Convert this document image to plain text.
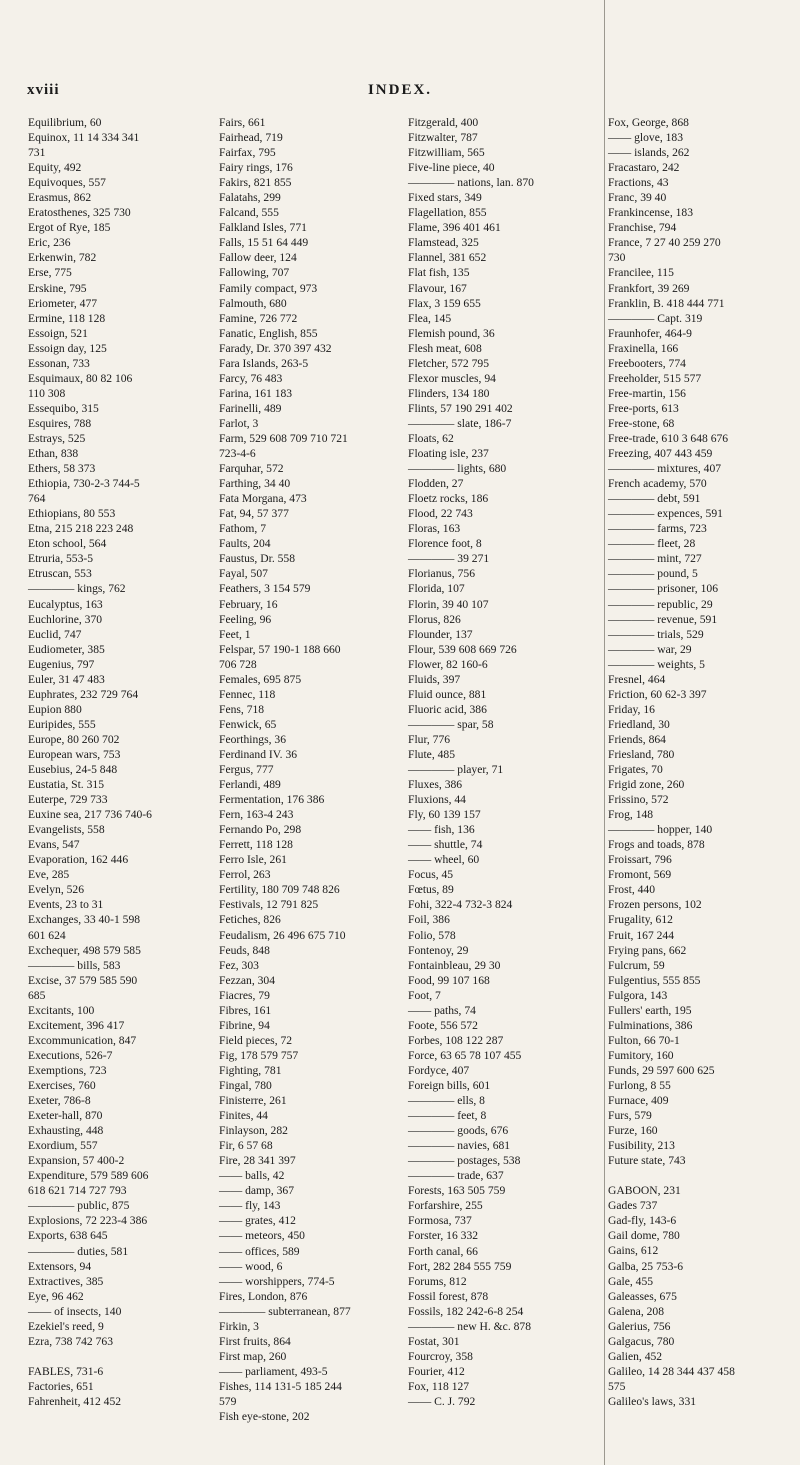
xviii	INDEX.
Equilibrium, 60
Equinox, 11 14 334 341
731
Equity, 492
Equivoques, 557
Erasmus, 862
Eratosthenes, 325 730
Ergot of Rye, 185
Eric, 236
Erkenwin, 782
Erse, 775
Erskine, 795
Eriometer, 477
Ermine, 118 128
Essoign, 521
Essoign day, 125
Essonan, 733
Esquimaux, 80 82 106
110 308
Essequibo, 315
Esquires, 788
Estrays, 525
Ethan, 838
Ethers, 58 373
Ethiopia, 730-2-3 744-5
764
Ethiopians, 80 553
Etna, 215 218 223 248
Eton school, 564
Etruria, 553-5
Etruscan, 553
———— kings, 762
Eucalyptus, 163
Euchlorine, 370
Euclid, 747
Eudiometer, 385
Eugenius, 797
Euler, 31 47 483
Euphrates, 232 729 764
Eupion 880
Euripides, 555
Europe, 80 260 702
European wars, 753
Eusebius, 24-5 848
Eustatia, St. 315
Euterpe, 729 733
Euxine sea, 217 736 740-6
Evangelists, 558
Evans, 547
Evaporation, 162 446
Eve, 285
Evelyn, 526
Events, 23 to 31
Exchanges, 33 40-1 598
601 624
Exchequer, 498 579 585
———— bills, 583
Excise, 37 579 585 590
685
Excitants, 100
Excitement, 396 417
Excommunication, 847
Executions, 526-7
Exemptions, 723
Exercises, 760
Exeter, 786-8
Exeter-hall, 870
Exhausting, 448
Exordium, 557
Expansion, 57 400-2
Expenditure, 579 589 606
618 621 714 727 793
———— public, 875
Explosions, 72 223-4 386
Exports, 638 645
———— duties, 581
Extensors, 94
Extractives, 385
Eye, 96 462
—— of insects, 140
Ezekiel's reed, 9
Ezra, 738 742 763
FABLES, 731-6
Factories, 651
Fahrenheit, 412 452
Fairs, 661
Fairhead, 719
Fairfax, 795
Fairy rings, 176
Fakirs, 821 855
Falatahs, 299
Falcand, 555
Falkland Isles, 771
Falls, 15 51 64 449
Fallow deer, 124
Fallowing, 707
Family compact, 973
Falmouth, 680
Famine, 726 772
Fanatic, English, 855
Farady, Dr. 370 397 432
Fara Islands, 263-5
Farcy, 76 483
Farina, 161 183
Farinelli, 489
Farlot, 3
Farm, 529 608 709 710 721
723-4-6
Farquhar, 572
Farthing, 34 40
Fata Morgana, 473
Fat, 94, 57 377
Fathom, 7
Faults, 204
Faustus, Dr. 558
Fayal, 507
Feathers, 3 154 579
February, 16
Feeling, 96
Feet, 1
Felspar, 57 190-1 188 660
706 728
Females, 695 875
Fennec, 118
Fens, 718
Fenwick, 65
Feorthings, 36
Ferdinand IV. 36
Fergus, 777
Ferlandi, 489
Fermentation, 176 386
Fern, 163-4 243
Fernando Po, 298
Ferrett, 118 128
Ferro Isle, 261
Ferrol, 263
Fertility, 180 709 748 826
Festivals, 12 791 825
Fetiches, 826
Feudalism, 26 496 675 710
Feuds, 848
Fez, 303
Fezzan, 304
Fiacres, 79
Fibres, 161
Fibrine, 94
Field pieces, 72
Fig, 178 579 757
Fighting, 781
Fingal, 780
Finisterre, 261
Finites, 44
Finlayson, 282
Fir, 6 57 68
Fire, 28 341 397
—— balls, 42
—— damp, 367
—— fly, 143
—— grates, 412
—— meteors, 450
—— offices, 589
—— wood, 6
—— worshippers, 774-5
Fires, London, 876
———— subterranean, 877
Firkin, 3
First fruits, 864
First map, 260
—— parliament, 493-5
Fishes, 114 131-5 185 244
579
Fish eye-stone, 202
Fitzgerald, 400
Fitzwalter, 787
Fitzwilliam, 565
Five-line piece, 40
———— nations, lan. 870
Fixed stars, 349
Flagellation, 855
Flame, 396 401 461
Flamstead, 325
Flannel, 381 652
Flat fish, 135
Flavour, 167
Flax, 3 159 655
Flea, 145
Flemish pound, 36
Flesh meat, 608
Fletcher, 572 795
Flexor muscles, 94
Flinders, 134 180
Flints, 57 190 291 402
———— slate, 186-7
Floats, 62
Floating isle, 237
———— lights, 680
Flodden, 27
Floetz rocks, 186
Flood, 22 743
Floras, 163
Florence foot, 8
———— 39 271
Florianus, 756
Florida, 107
Florin, 39 40 107
Florus, 826
Flounder, 137
Flour, 539 608 669 726
Flower, 82 160-6
Fluids, 397
Fluid ounce, 881
Fluoric acid, 386
———— spar, 58
Flur, 776
Flute, 485
———— player, 71
Fluxes, 386
Fluxions, 44
Fly, 60 139 157
—— fish, 136
—— shuttle, 74
—— wheel, 60
Focus, 45
Fœtus, 89
Fohi, 322-4 732-3 824
Foil, 386
Folio, 578
Fontenoy, 29
Fontainbleau, 29 30
Food, 99 107 168
Foot, 7
—— paths, 74
Foote, 556 572
Forbes, 108 122 287
Force, 63 65 78 107 455
Fordyce, 407
Foreign bills, 601
———— ells, 8
———— feet, 8
———— goods, 676
———— navies, 681
———— postages, 538
———— trade, 637
Forests, 163 505 759
Forfarshire, 255
Formosa, 737
Forster, 16 332
Forth canal, 66
Fort, 282 284 555 759
Forums, 812
Fossil forest, 878
Fossils, 182 242-6-8 254
———— new H. &c. 878
Fostat, 301
Fourcroy, 358
Fourier, 412
Fox, 118 127
—— C. J. 792
Fox, George, 868
—— glove, 183
—— islands, 262
Fracastaro, 242
Fractions, 43
Franc, 39 40
Frankincense, 183
Franchise, 794
France, 7 27 40 259 270
730
Francilee, 115
Frankfort, 39 269
Franklin, B. 418 444 771
———— Capt. 319
Fraunhofer, 464-9
Fraxinella, 166
Freebooters, 774
Freeholder, 515 577
Free-martin, 156
Free-ports, 613
Free-stone, 68
Free-trade, 610 3 648 676
Freezing, 407 443 459
———— mixtures, 407
French academy, 570
———— debt, 591
———— expences, 591
———— farms, 723
———— fleet, 28
———— mint, 727
———— pound, 5
———— prisoner, 106
———— republic, 29
———— revenue, 591
———— trials, 529
———— war, 29
———— weights, 5
Fresnel, 464
Friction, 60 62-3 397
Friday, 16
Friedland, 30
Friends, 864
Friesland, 780
Frigates, 70
Frigid zone, 260
Frissino, 572
Frog, 148
———— hopper, 140
Frogs and toads, 878
Froissart, 796
Fromont, 569
Frost, 440
Frozen persons, 102
Frugality, 612
Fruit, 167 244
Frying pans, 662
Fulcrum, 59
Fulgentius, 555 855
Fulgora, 143
Fullers' earth, 195
Fulminations, 386
Fulton, 66 70-1
Fumitory, 160
Funds, 29 597 600 625
Furlong, 8 55
Furnace, 409
Furs, 579
Furze, 160
Fusibility, 213
Future state, 743
GABOON, 231
Gades 737
Gad-fly, 143-6
Gail dome, 780
Gains, 612
Galba, 25 753-6
Gale, 455
Galeasses, 675
Galena, 208
Galerius, 756
Galgacus, 780
Galien, 452
Galileo, 14 28 344 437 458
575
Galileo's laws, 331
